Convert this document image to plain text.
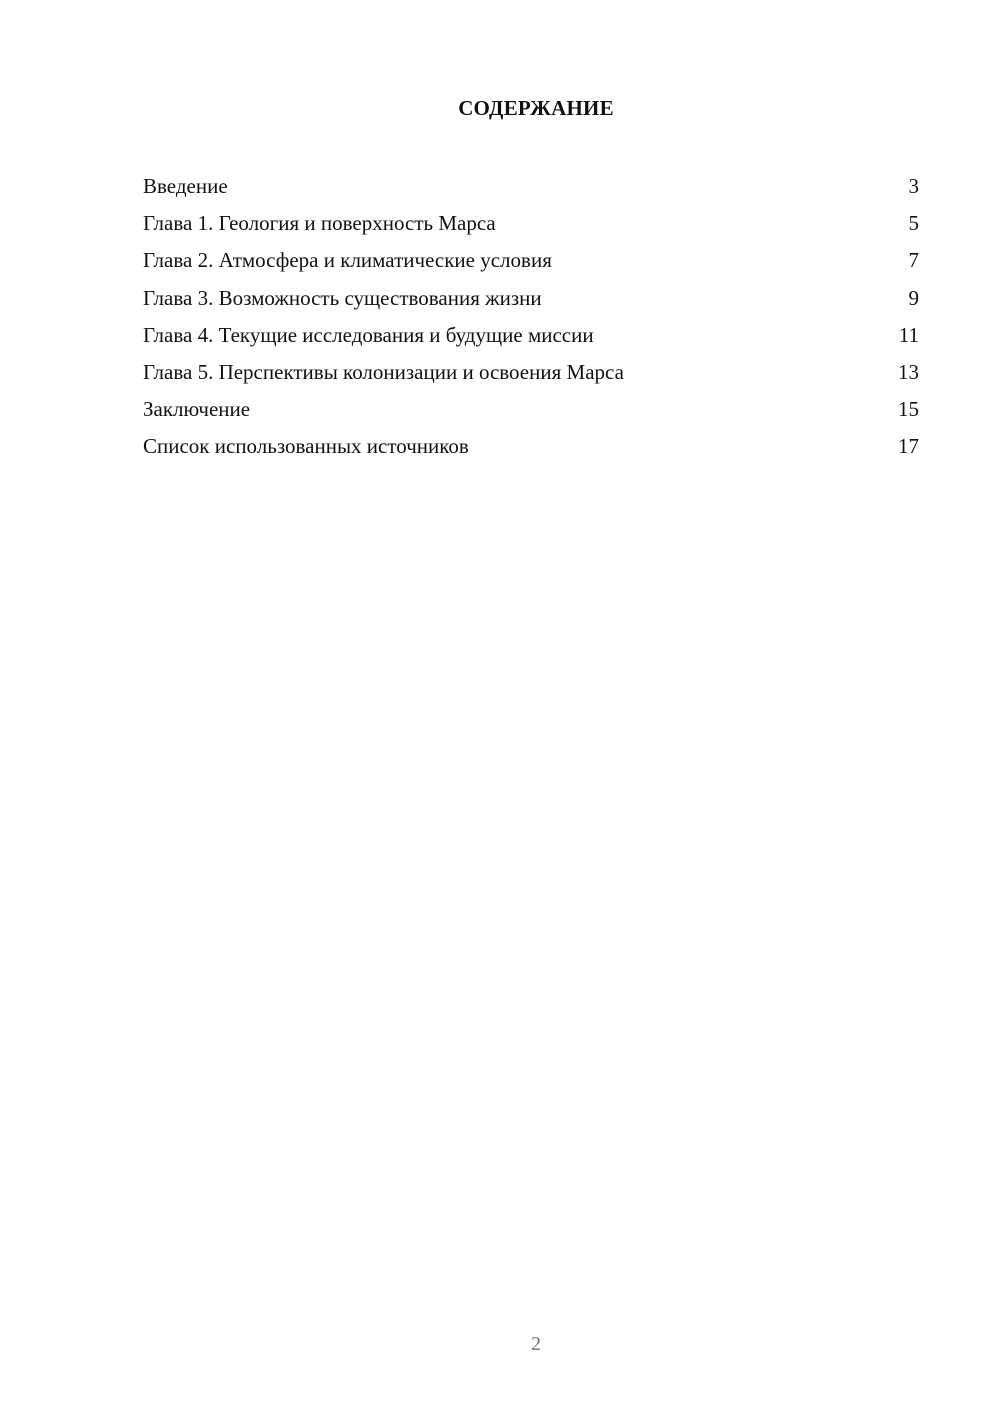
СОДЕРЖАНИЕ
Введение	3
Глава 1. Геология и поверхность Марса	5
Глава 2. Атмосфера и климатические условия	7
Глава 3. Возможность существования жизни	9
Глава 4. Текущие исследования и будущие миссии	11
Глава 5. Перспективы колонизации и освоения Марса	13
Заключение	15
Список использованных источников	17
2
